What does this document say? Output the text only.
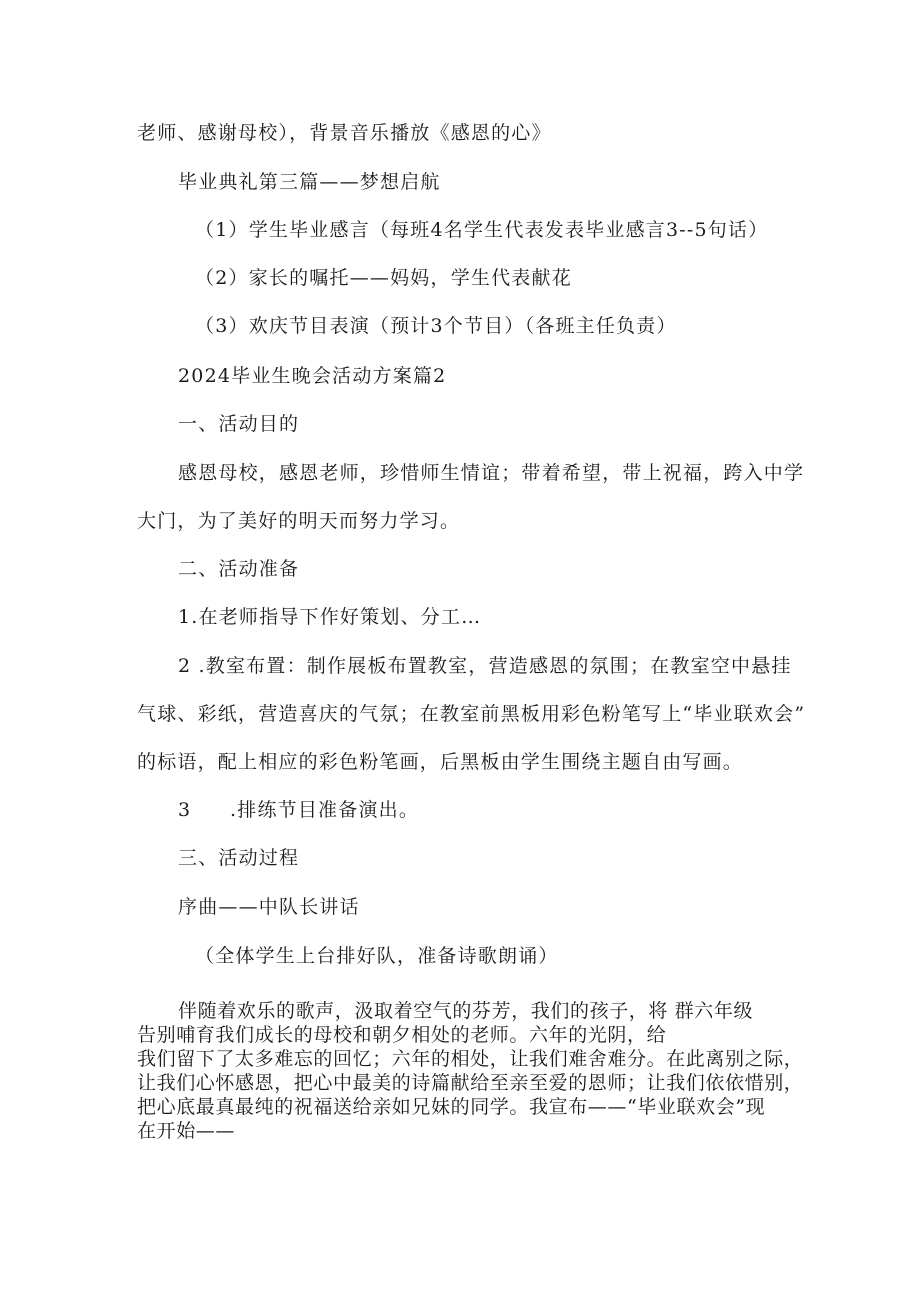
老师、感谢母校），背景音乐播放《感恩的心》
毕业典礼第三篇——梦想启航
（1）学生毕业感言（每班4名学生代表发表毕业感言3--5句话）
（2）家长的嘱托——妈妈，学生代表献花
（3）欢庆节目表演（预计3个节目）（各班主任负责）
2024毕业生晚会活动方案篇2
一、活动目的
感恩母校，感恩老师，珍惜师生情谊；带着希望，带上祝福，跨入中学
大门，为了美好的明天而努力学习。
二、活动准备
1.在老师指导下作好策划、分工…
2 .教室布置：制作展板布置教室，营造感恩的氛围；在教室空中悬挂
气球、彩纸，营造喜庆的气氛；在教室前黑板用彩色粉笔写上“毕业联欢会”
的标语，配上相应的彩色粉笔画，后黑板由学生围绕主题自由写画。
3 .排练节目准备演出。
三、活动过程
序曲——中队长讲话
（全体学生上台排好队，准备诗歌朗诵）
伴随着欢乐的歌声，汲取着空气的芬芳，我们的孩子，将 群六年级
告别哺育我们成长的母校和朝夕相处的老师。六年的光阴，给
我们留下了太多难忘的回忆；六年的相处，让我们难舍难分。在此离别之际，
让我们心怀感恩，把心中最美的诗篇献给至亲至爱的恩师；让我们依依惜别，
把心底最真最纯的祝福送给亲如兄妹的同学。我宣布——“毕业联欢会”现
在开始——
